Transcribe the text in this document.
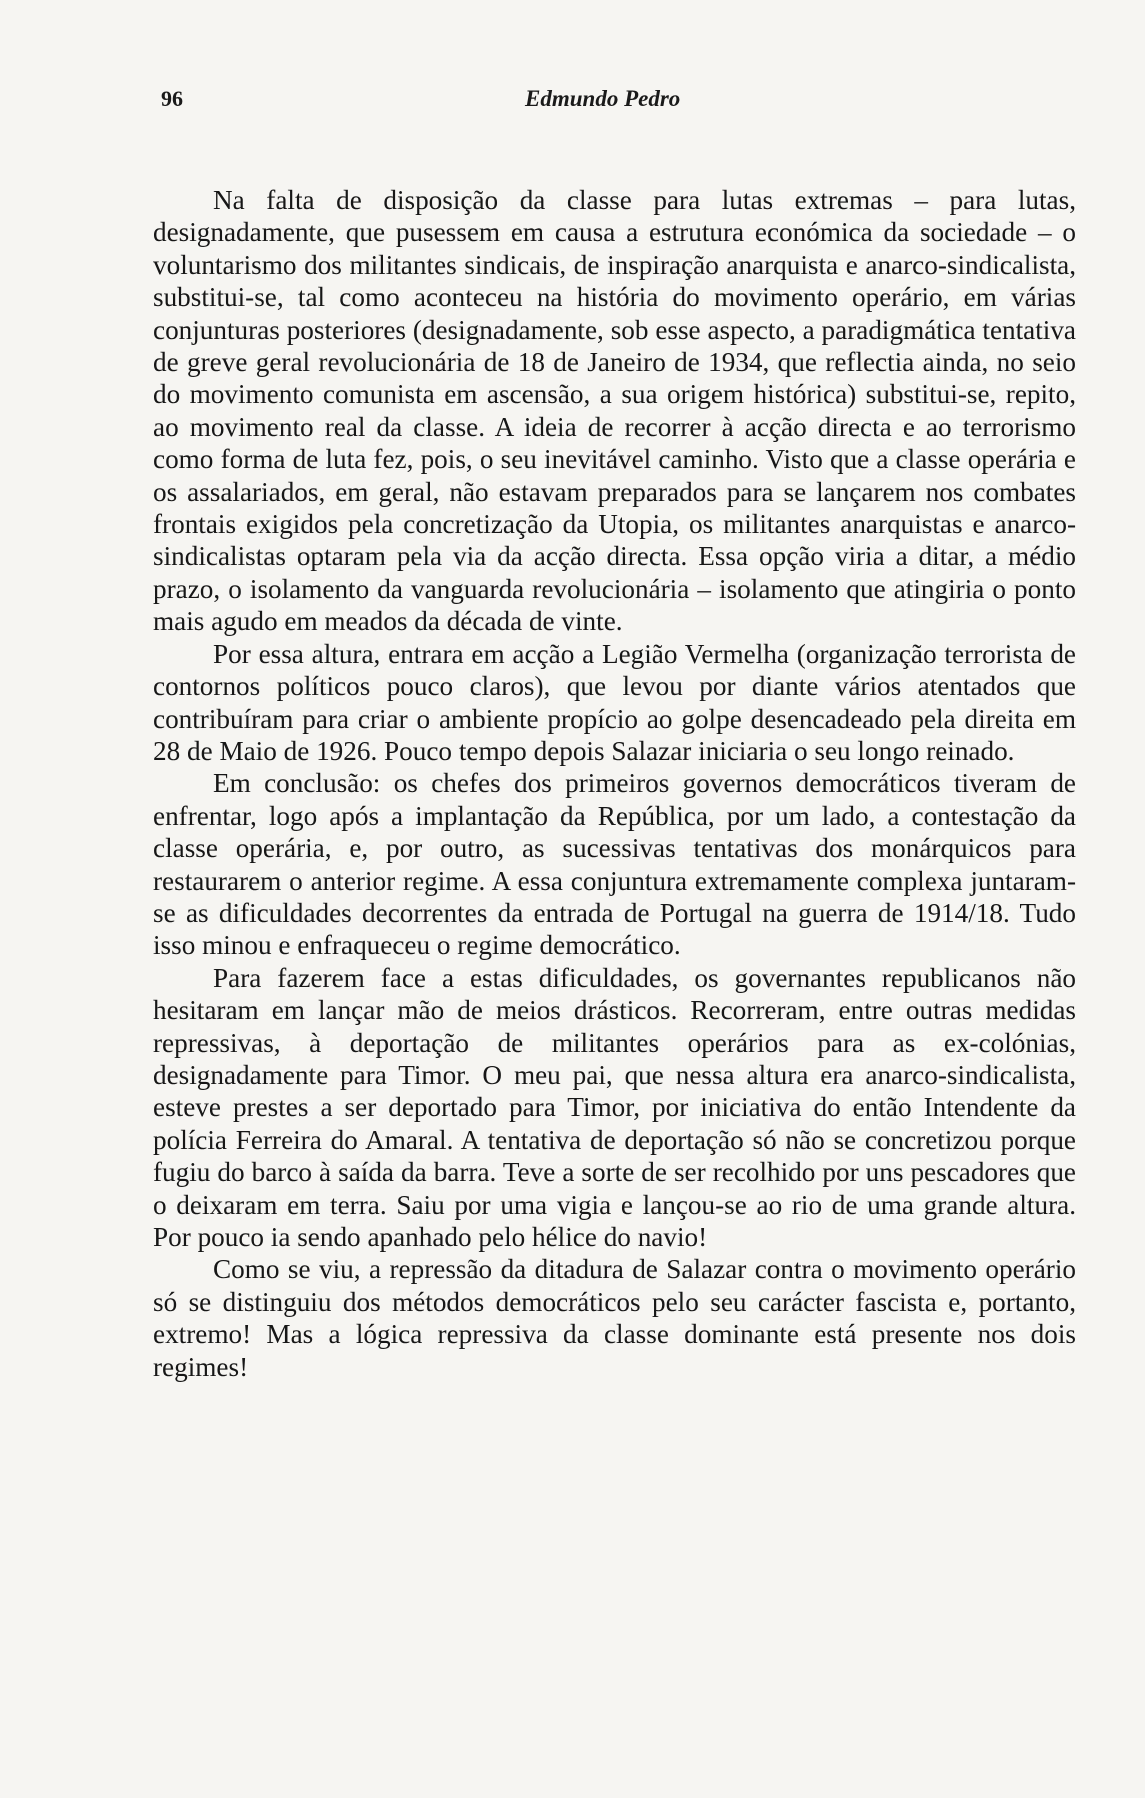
96	Edmundo Pedro

Na falta de disposição da classe para lutas extremas – para lutas, designadamente, que pusessem em causa a estrutura económica da sociedade – o voluntarismo dos militantes sindicais, de inspiração anarquista e anarco-sindicalista, substitui-se, tal como aconteceu na história do movimento operário, em várias conjunturas posteriores (designadamente, sob esse aspecto, a paradigmática tentativa de greve geral revolucionária de 18 de Janeiro de 1934, que reflectia ainda, no seio do movimento comunista em ascensão, a sua origem histórica) substitui-se, repito, ao movimento real da classe. A ideia de recorrer à acção directa e ao terrorismo como forma de luta fez, pois, o seu inevitável caminho. Visto que a classe operária e os assalariados, em geral, não estavam preparados para se lançarem nos combates frontais exigidos pela concretização da Utopia, os militantes anarquistas e anarco-sindicalistas optaram pela via da acção directa. Essa opção viria a ditar, a médio prazo, o isolamento da vanguarda revolucionária – isolamento que atingiria o ponto mais agudo em meados da década de vinte.

Por essa altura, entrara em acção a Legião Vermelha (organização terrorista de contornos políticos pouco claros), que levou por diante vários atentados que contribuíram para criar o ambiente propício ao golpe desencadeado pela direita em 28 de Maio de 1926. Pouco tempo depois Salazar iniciaria o seu longo reinado.

Em conclusão: os chefes dos primeiros governos democráticos tiveram de enfrentar, logo após a implantação da República, por um lado, a contestação da classe operária, e, por outro, as sucessivas tentativas dos monárquicos para restaurarem o anterior regime. A essa conjuntura extremamente complexa juntaram-se as dificuldades decorrentes da entrada de Portugal na guerra de 1914/18. Tudo isso minou e enfraqueceu o regime democrático.

Para fazerem face a estas dificuldades, os governantes republicanos não hesitaram em lançar mão de meios drásticos. Recorreram, entre outras medidas repressivas, à deportação de militantes operários para as ex-colónias, designadamente para Timor. O meu pai, que nessa altura era anarco-sindicalista, esteve prestes a ser deportado para Timor, por iniciativa do então Intendente da polícia Ferreira do Amaral. A tentativa de deportação só não se concretizou porque fugiu do barco à saída da barra. Teve a sorte de ser recolhido por uns pescadores que o deixaram em terra. Saiu por uma vigia e lançou-se ao rio de uma grande altura. Por pouco ia sendo apanhado pelo hélice do navio!

Como se viu, a repressão da ditadura de Salazar contra o movimento operário só se distinguiu dos métodos democráticos pelo seu carácter fascista e, portanto, extremo! Mas a lógica repressiva da classe dominante está presente nos dois regimes!
